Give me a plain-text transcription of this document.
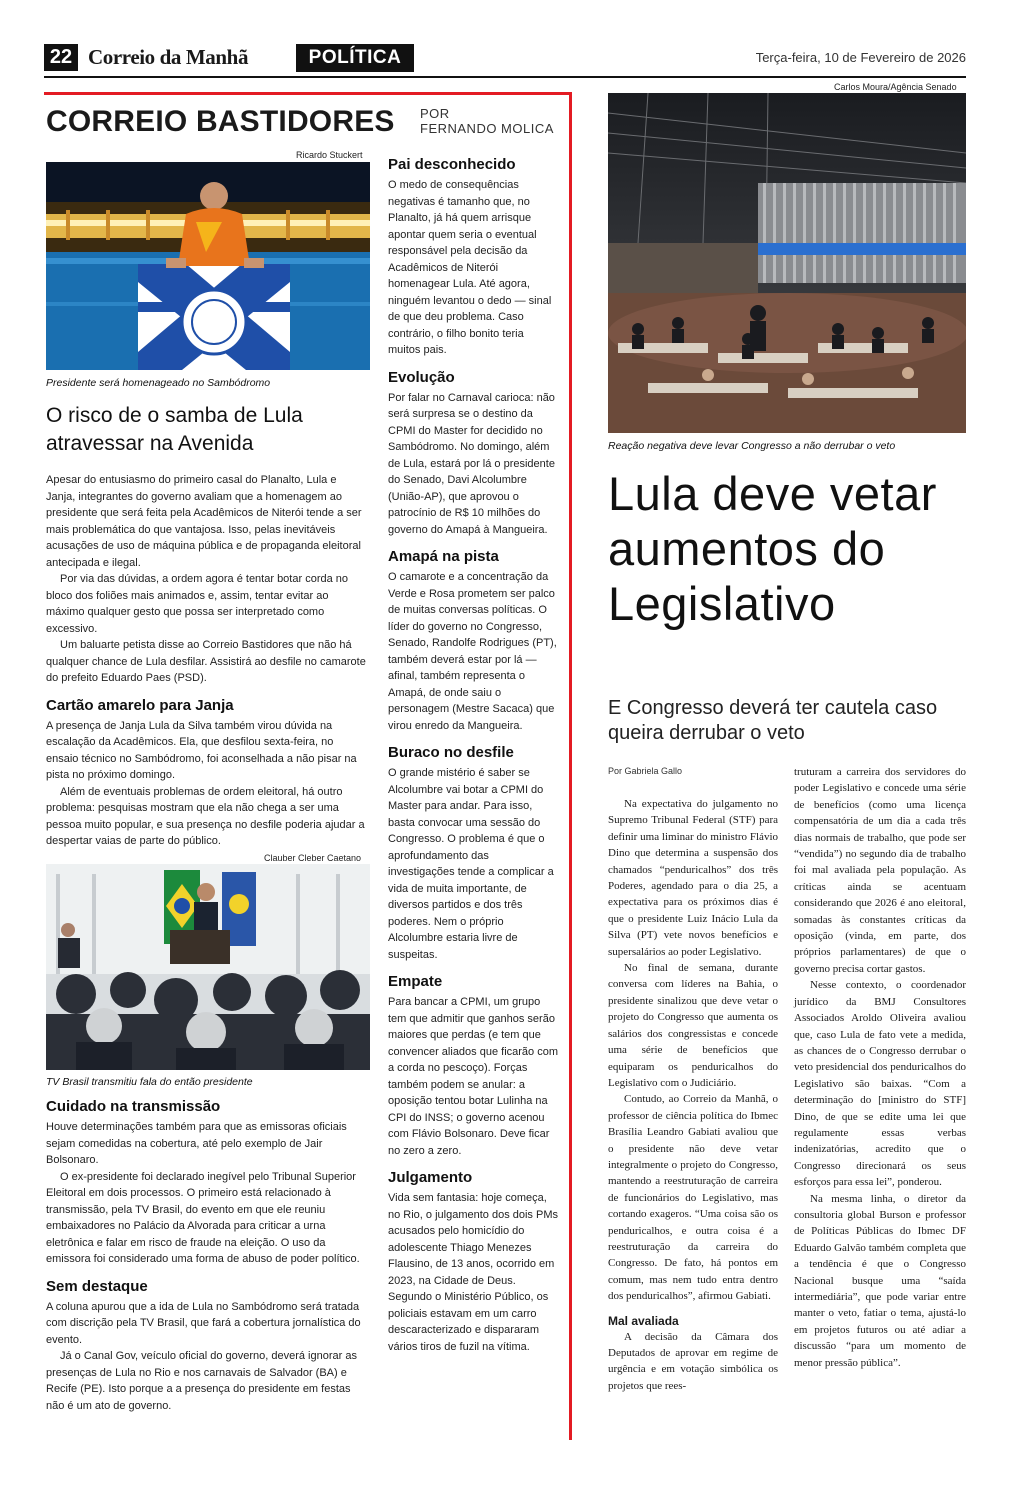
22 Correio da Manhã	POLÍTICA	Terça-feira, 10 de Fevereiro de 2026
CORREIO BASTIDORES POR
FERNANDO MOLICA
Ricardo Stuckert
Presidente será homenageado no Sambódromo
O risco de o samba de Lula atravessar na Avenida

Apesar do entusiasmo do primeiro casal do Planalto, Lula e Janja, integrantes do governo avaliam que a homenagem ao presidente que será feita pela Acadêmicos de Niterói tende a ser mais problemática do que vantajosa. Isso, pelas inevitáveis acusações de uso de máquina pública e de propaganda eleitoral antecipada e ilegal.

Por via das dúvidas, a ordem agora é tentar botar corda no bloco dos foliões mais animados e, assim, tentar evitar ao máximo qualquer gesto que possa ser interpretado como excessivo.

Um baluarte petista disse ao Correio Bastidores que não há qualquer chance de Lula desfilar. Assistirá ao desfile no camarote do prefeito Eduardo Paes (PSD).

Cartão amarelo para Janja

A presença de Janja Lula da Silva também virou dúvida na escalação da Acadêmicos. Ela, que desfilou sexta-feira, no ensaio técnico no Sambódromo, foi aconselhada a não pisar na pista no próximo domingo.

Além de eventuais problemas de ordem eleitoral, há outro problema: pesquisas mostram que ela não chega a ser uma pessoa muito popular, e sua presença no desfile poderia ajudar a despertar vaias de parte do público.

Clauber Cleber Caetano
TV Brasil transmitiu fala do então presidente
Cuidado na transmissão

Houve determinações também para que as emissoras oficiais sejam comedidas na cobertura, até pelo exemplo de Jair Bolsonaro.

O ex-presidente foi declarado inegível pelo Tribunal Superior Eleitoral em dois processos. O primeiro está relacionado à transmissão, pela TV Brasil, do evento em que ele reuniu embaixadores no Palácio da Alvorada para criticar a urna eletrônica e falar em risco de fraude na eleição. O uso da emissora foi considerado uma forma de abuso de poder político.

Sem destaque

A coluna apurou que a ida de Lula no Sambódromo será tratada com discrição pela TV Brasil, que fará a cobertura jornalística do evento.

Já o Canal Gov, veículo oficial do governo, deverá ignorar as presenças de Lula no Rio e nos carnavais de Salvador (BA) e Recife (PE). Isto porque a a presença do presidente em festas não é um ato de governo.

Pai desconhecido

O medo de consequências negativas é tamanho que, no Planalto, já há quem arrisque apontar quem seria o eventual responsável pela decisão da Acadêmicos de Niterói homenagear Lula. Até agora, ninguém levantou o dedo — sinal de que deu problema. Caso contrário, o filho bonito teria muitos pais.

Evolução

Por falar no Carnaval carioca: não será surpresa se o destino da CPMI do Master for decidido no Sambódromo. No domingo, além de Lula, estará por lá o presidente do Senado, Davi Alcolumbre (União-AP), que aprovou o patrocínio de R$ 10 milhões do governo do Amapá à Mangueira.

Amapá na pista

O camarote e a concentração da Verde e Rosa prometem ser palco de muitas conversas políticas. O líder do governo no Congresso, Senado, Randolfe Rodrigues (PT), também deverá estar por lá — afinal, também representa o Amapá, de onde saiu o personagem (Mestre Sacaca) que virou enredo da Mangueira.

Buraco no desfile

O grande mistério é saber se Alcolumbre vai botar a CPMI do Master para andar. Para isso, basta convocar uma sessão do Congresso. O problema é que o aprofundamento das investigações tende a complicar a vida de muita importante, de diversos partidos e dos três poderes. Nem o próprio Alcolumbre estaria livre de suspeitas.

Empate

Para bancar a CPMI, um grupo tem que admitir que ganhos serão maiores que perdas (e tem que convencer aliados que ficarão com a corda no pescoço). Forças também podem se anular: a oposição tentou botar Lulinha na CPI do INSS; o governo acenou com Flávio Bolsonaro. Deve ficar no zero a zero.

Julgamento

Vida sem fantasia: hoje começa, no Rio, o julgamento dos dois PMs acusados pelo homicídio do adolescente Thiago Menezes Flausino, de 13 anos, ocorrido em 2023, na Cidade de Deus. Segundo o Ministério Público, os policiais estavam em um carro descaracterizado e dispararam vários tiros de fuzil na vítima.

Carlos Moura/Agência Senado
Reação negativa deve levar Congresso a não derrubar o veto
Lula deve vetar aumentos do Legislativo
E Congresso deverá ter cautela caso queira derrubar o veto
Por Gabriela Gallo

Na expectativa do julgamento no Supremo Tribunal Federal (STF) para definir uma liminar do ministro Flávio Dino que determina a suspensão dos chamados “penduricalhos” dos três Poderes, agendado para o dia 25, a expectativa para os próximos dias é que o presidente Luiz Inácio Lula da Silva (PT) vete novos benefícios e supersalários ao poder Legislativo.

No final de semana, durante conversa com líderes na Bahia, o presidente sinalizou que deve vetar o projeto do Congresso que aumenta os salários dos congressistas e concede uma série de benefícios que equiparam os penduricalhos do Legislativo com o Judiciário.

Contudo, ao Correio da Manhã, o professor de ciência política do Ibmec Brasília Leandro Gabiati avaliou que o presidente não deve vetar integralmente o projeto do Congresso, mantendo a reestruturação de carreira de funcionários do Legislativo, mas cortando exageros. “Uma coisa são os penduricalhos, e outra coisa é a reestruturação da carreira do Congresso. De fato, há pontos em comum, mas nem tudo entra dentro dos penduricalhos”, afirmou Gabiati.

Mal avaliada

A decisão da Câmara dos Deputados de aprovar em regime de urgência e em votação simbólica os projetos que rees-

truturam a carreira dos servidores do poder Legislativo e concede uma série de benefícios (como uma licença compensatória de um dia a cada três dias normais de trabalho, que pode ser “vendida”) no segundo dia de trabalho foi mal avaliada pela população. As críticas ainda se acentuam considerando que 2026 é ano eleitoral, somadas às constantes críticas da oposição (vinda, em parte, dos próprios parlamentares) de que o governo precisa cortar gastos.

Nesse contexto, o coordenador jurídico da BMJ Consultores Associados Aroldo Oliveira avaliou que, caso Lula de fato vete a medida, as chances de o Congresso derrubar o veto presidencial dos penduricalhos do Legislativo são baixas. “Com a determinação do [ministro do STF] Dino, de que se edite uma lei que regulamente essas verbas indenizatórias, acredito que o Congresso direcionará os seus esforços para essa lei”, ponderou.

Na mesma linha, o diretor da consultoria global Burson e professor de Políticas Públicas do Ibmec DF Eduardo Galvão também completa que a tendência é que o Congresso Nacional busque uma “saída intermediária”, que pode variar entre manter o veto, fatiar o tema, ajustá-lo em projetos futuros ou até adiar a discussão “para um momento de menor pressão pública”.
